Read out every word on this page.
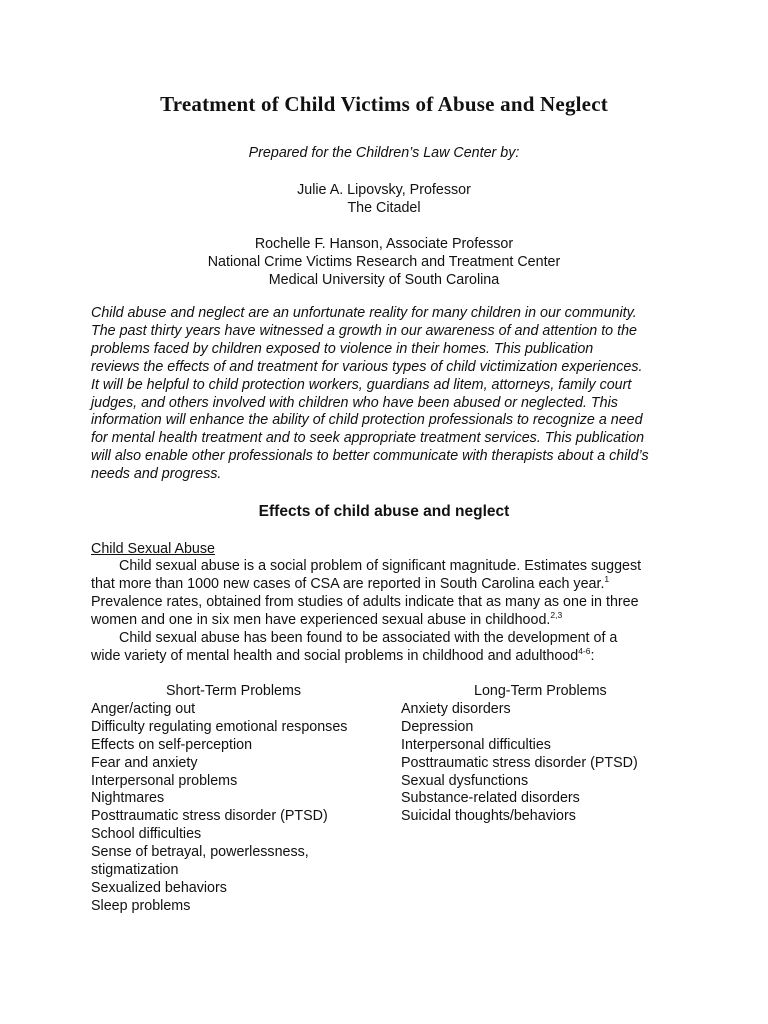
Treatment of Child Victims of Abuse and Neglect

Prepared for the Children’s Law Center by:

Julie A. Lipovsky, Professor

The Citadel

Rochelle F. Hanson, Associate Professor

National Crime Victims Research and Treatment Center

Medical University of South Carolina

Child abuse and neglect are an unfortunate reality for many children in our community.
The past thirty years have witnessed a growth in our awareness of and attention to the
problems faced by children exposed to violence in their homes. This publication
reviews the effects of and treatment for various types of child victimization experiences.
It will be helpful to child protection workers, guardians ad litem, attorneys, family court
judges, and others involved with children who have been abused or neglected. This
information will enhance the ability of child protection professionals to recognize a need
for mental health treatment and to seek appropriate treatment services. This publication
will also enable other professionals to better communicate with therapists about a child’s
needs and progress.
Effects of child abuse and neglect

Child Sexual Abuse

Child sexual abuse is a social problem of significant magnitude. Estimates suggest
that more than 1000 new cases of CSA are reported in South Carolina each year.$^1$
Prevalence rates, obtained from studies of adults indicate that as many as one in three
women and one in six men have experienced sexual abuse in childhood.$^{2,3}$
Child sexual abuse has been found to be associated with the development of a
wide variety of mental health and social problems in childhood and adulthood$^{4-6}$:
Short-Term Problems
Anger/acting out
Difficulty regulating emotional responses
Effects on self-perception
Fear and anxiety
Interpersonal problems
Nightmares
Posttraumatic stress disorder (PTSD)
School difficulties
Sense of betrayal, powerlessness,
stigmatization
Sexualized behaviors
Sleep problems
Long-Term Problems
Anxiety disorders
Depression
Interpersonal difficulties
Posttraumatic stress disorder (PTSD)
Sexual dysfunctions
Substance-related disorders
Suicidal thoughts/behaviors
